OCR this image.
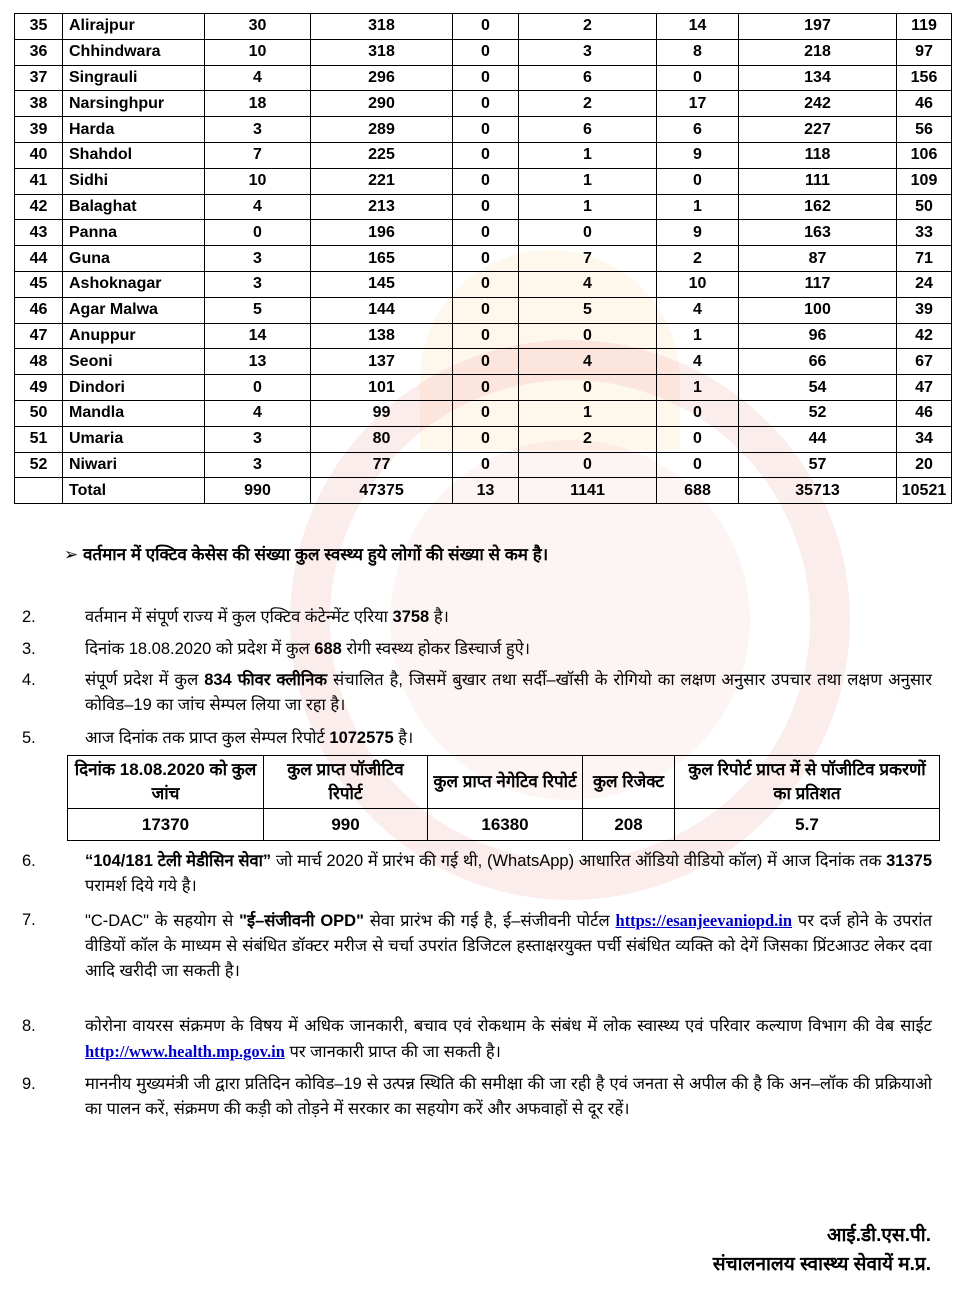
35	Alirajpur	30	318	0	2	14	197	119
36	Chhindwara	10	318	0	3	8	218	97
37	Singrauli	4	296	0	6	0	134	156
38	Narsinghpur	18	290	0	2	17	242	46
39	Harda	3	289	0	6	6	227	56
40	Shahdol	7	225	0	1	9	118	106
41	Sidhi	10	221	0	1	0	111	109
42	Balaghat	4	213	0	1	1	162	50
43	Panna	0	196	0	0	9	163	33
44	Guna	3	165	0	7	2	87	71
45	Ashoknagar	3	145	0	4	10	117	24
46	Agar Malwa	5	144	0	5	4	100	39
47	Anuppur	14	138	0	0	1	96	42
48	Seoni	13	137	0	4	4	66	67
49	Dindori	0	101	0	0	1	54	47
50	Mandla	4	99	0	1	0	52	46
51	Umaria	3	80	0	2	0	44	34
52	Niwari	3	77	0	0	0	57	20
	Total	990	47375	13	1141	688	35713	10521
➢ वर्तमान में एक्टिव केसेस की संख्या कुल स्वस्थ्य हुये लोगों की संख्या से कम है।
2.	वर्तमान में संपूर्ण राज्य में कुल एक्टिव कंटेन्मेंट एरिया 3758 है।
3.	दिनांक 18.08.2020 को प्रदेश में कुल 688 रोगी स्वस्थ्य होकर डिस्चार्ज हुऐ।
4.	संपूर्ण प्रदेश में कुल 834 फीवर क्लीनिक संचालित है, जिसमें बुखार तथा सर्दी–खॉसी के रोगियो का लक्षण अनुसार उपचार तथा लक्षण अनुसार कोविड–19 का जांच सेम्पल लिया जा रहा है।
5.	आज दिनांक तक प्राप्त कुल सेम्पल रिपोर्ट 1072575 है।
दिनांक 18.08.2020 को कुल जांच	कुल प्राप्त पॉजीटिव रिपोर्ट	कुल प्राप्त नेगेटिव रिपोर्ट	कुल रिजेक्ट	कुल रिपोर्ट प्राप्त में से पॉजीटिव प्रकरणों का प्रतिशत
17370	990	16380	208	5.7
6.	“104/181 टेली मेडीसिन सेवा” जो मार्च 2020 में प्रारंभ की गई थी, (WhatsApp) आधारित ऑडियो वीडियो कॉल) में आज दिनांक तक 31375 परामर्श दिये गये है।
7.	"C-DAC" के सहयोग से "ई–संजीवनी OPD" सेवा प्रारंभ की गई है, ई–संजीवनी पोर्टल https://esanjeevaniopd.in पर दर्ज होने के उपरांत वीडियों कॉल के माध्यम से संबंधित डॉक्टर मरीज से चर्चा उपरांत डिजिटल हस्ताक्षरयुक्त पर्ची संबंधित व्यक्ति को देगें जिसका प्रिंटआउट लेकर दवा आदि खरीदी जा सकती है।
8.	कोरोना वायरस संक्रमण के विषय में अधिक जानकारी, बचाव एवं रोकथाम के संबंध में लोक स्वास्थ्य एवं परिवार कल्याण विभाग की वेब साईट http://www.health.mp.gov.in पर जानकारी प्राप्त की जा सकती है।
9.	माननीय मुख्यमंत्री जी द्वारा प्रतिदिन कोविड–19 से उत्पन्न स्थिति की समीक्षा की जा रही है एवं जनता से अपील की है कि अन–लॉक की प्रक्रियाओ का पालन करें, संक्रमण की कड़ी को तोड़ने में सरकार का सहयोग करें और अफवाहों से दूर रहें।
आई.डी.एस.पी.
संचालनालय स्वास्थ्य सेवायें म.प्र.
